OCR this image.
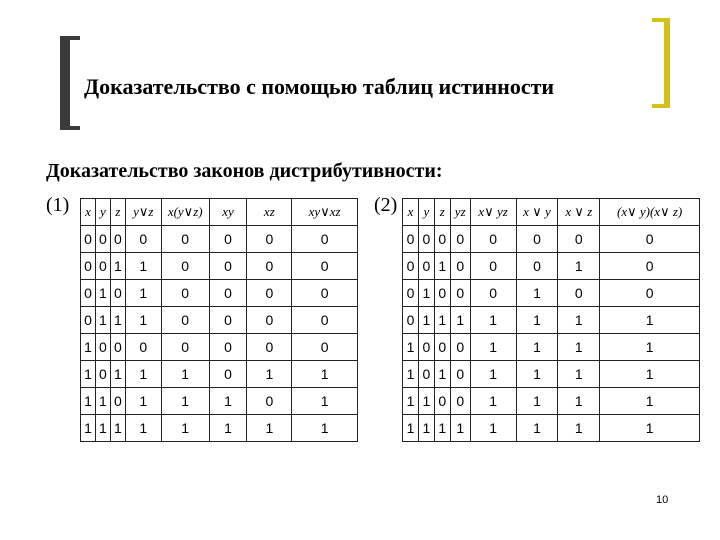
Доказательство с помощью таблиц истинности
Доказательство законов дистрибутивности:
(1)	(2)
x	y	z	y∨z	x(y∨z)	xy	xz	xy∨xz
0	0	0	0	0	0	0	0
0	0	1	1	0	0	0	0
0	1	0	1	0	0	0	0
0	1	1	1	0	0	0	0
1	0	0	0	0	0	0	0
1	0	1	1	1	0	1	1
1	1	0	1	1	1	0	1
1	1	1	1	1	1	1	1
x	y	z	yz	x∨ yz	x ∨ y	x ∨ z	(x∨ y)(x∨ z)
0	0	0	0	0	0	0	0
0	0	1	0	0	0	1	0
0	1	0	0	0	1	0	0
0	1	1	1	1	1	1	1
1	0	0	0	1	1	1	1
1	0	1	0	1	1	1	1
1	1	0	0	1	1	1	1
1	1	1	1	1	1	1	1
10
